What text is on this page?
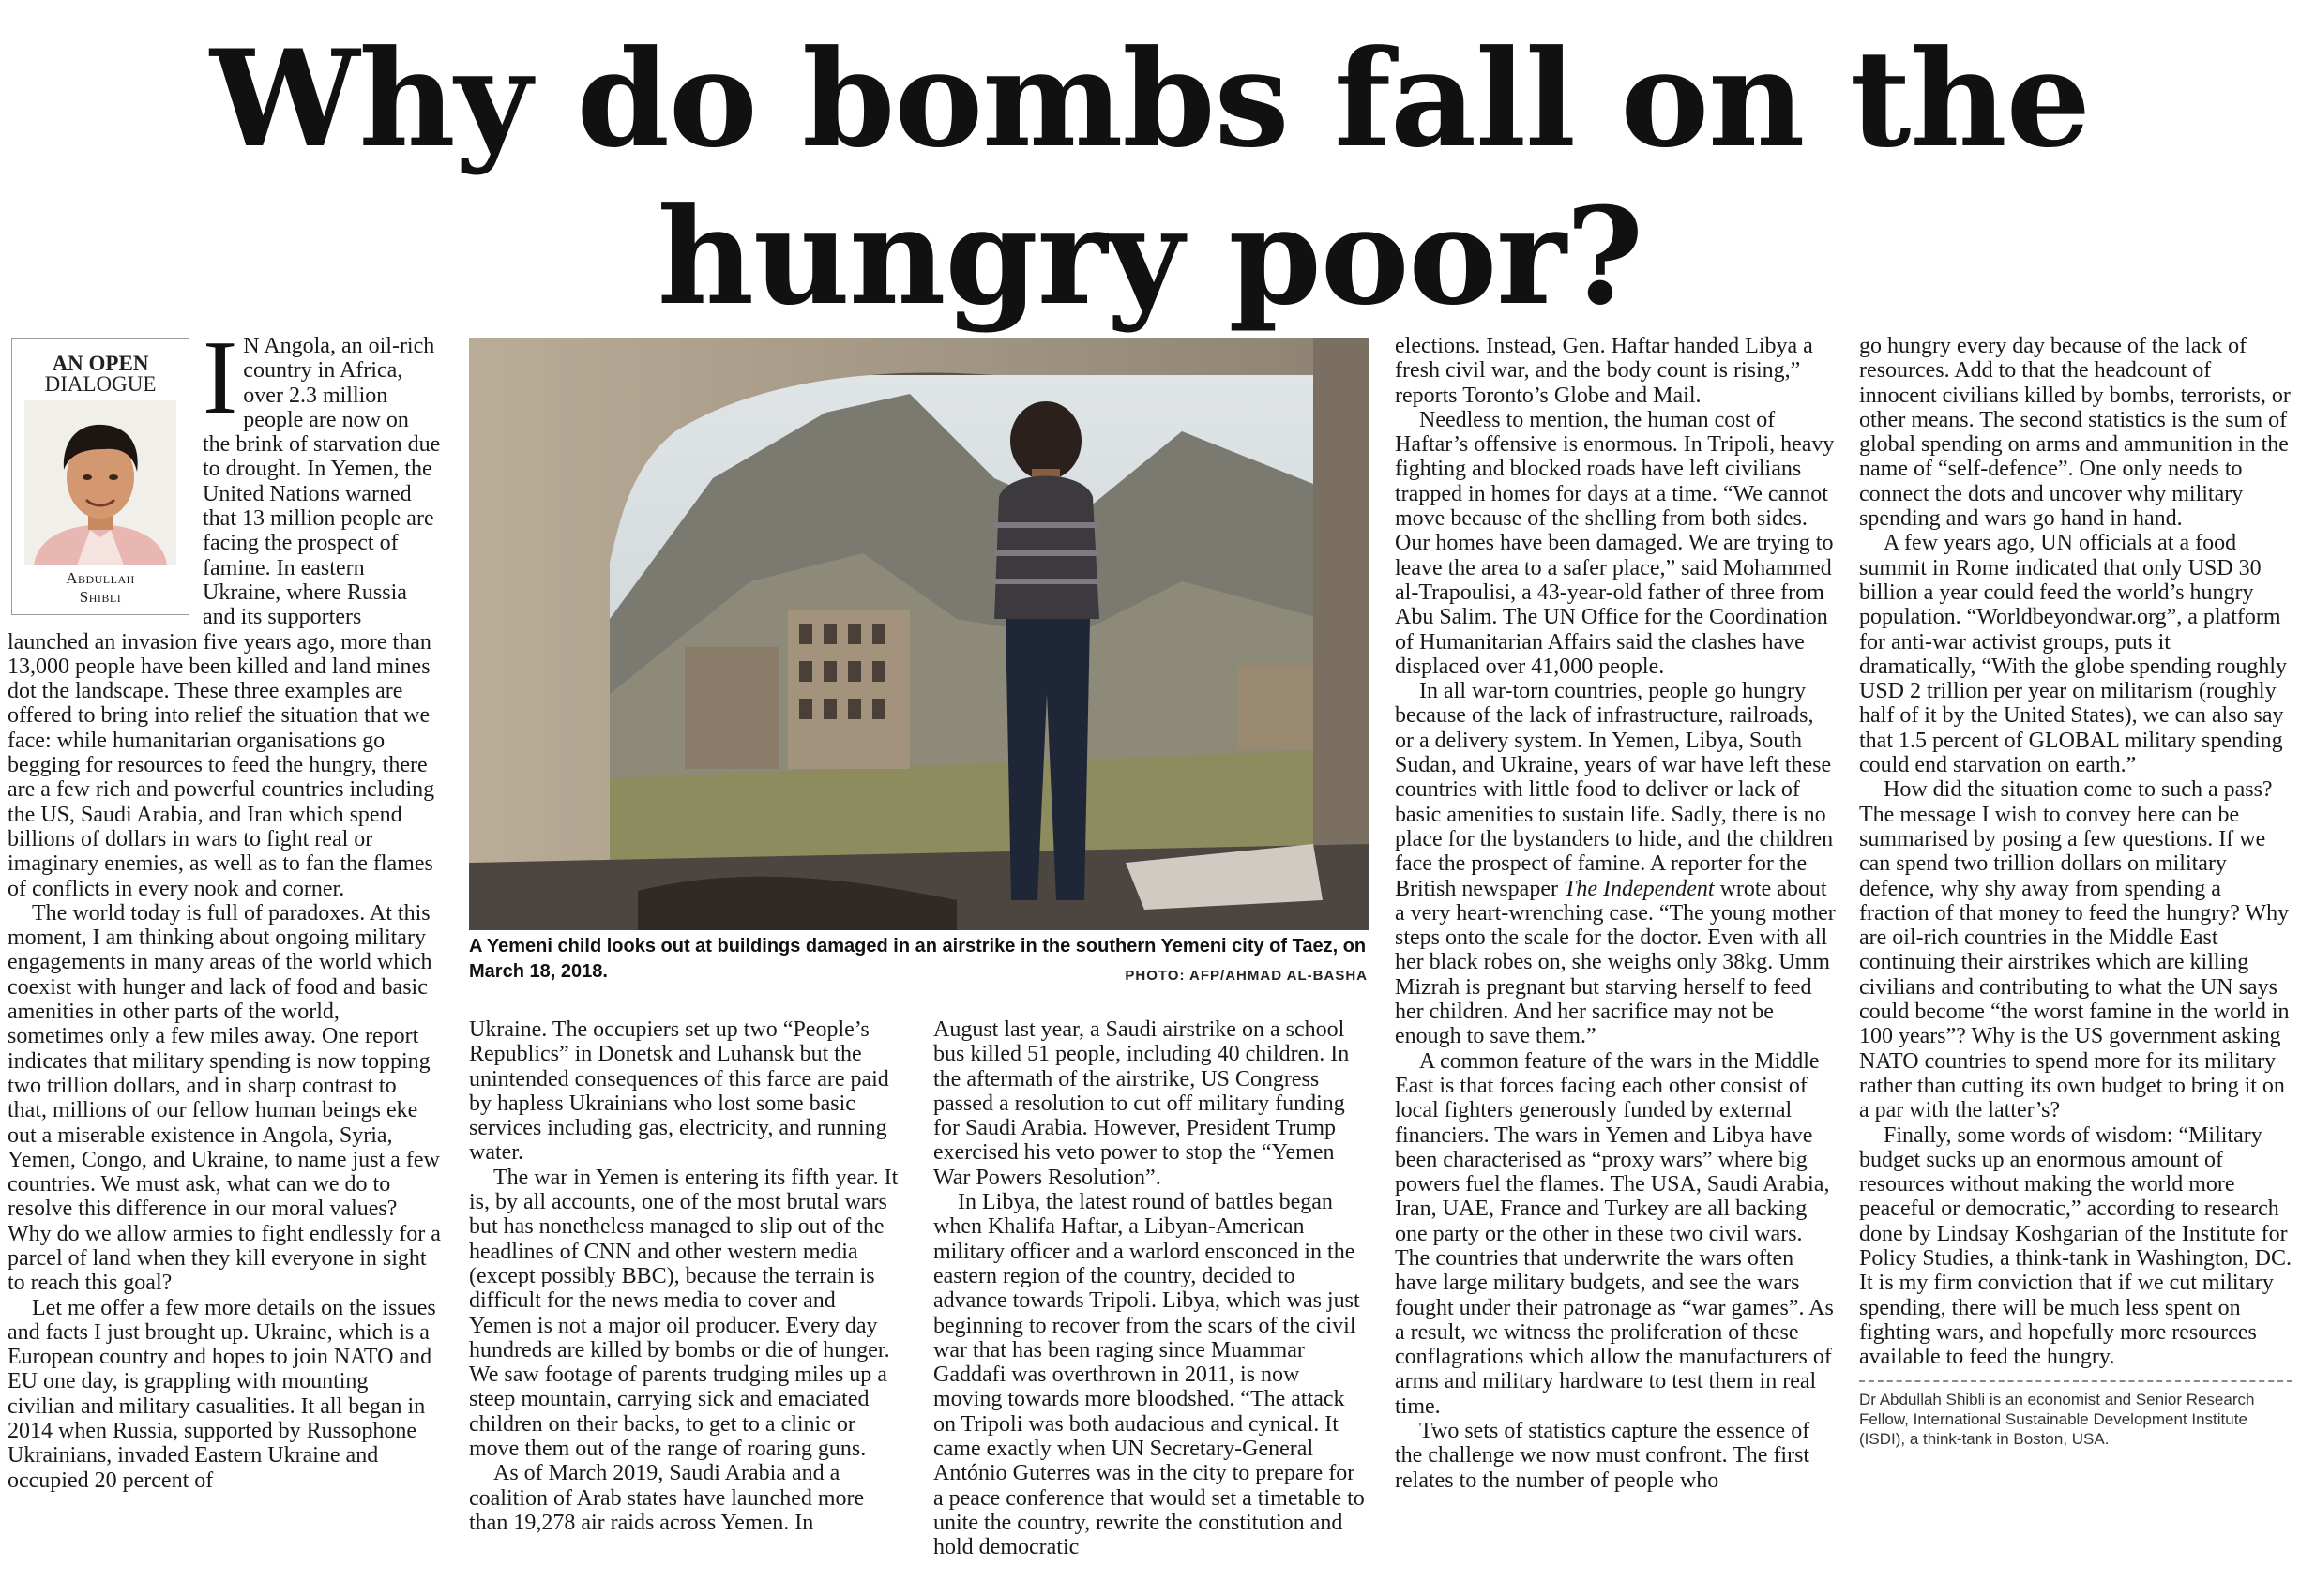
Why do bombs fall on the hungry poor?
AN OPEN
DIALOGUE
Abdullah
Shibli
I N Angola, an oil-rich country in Africa, over 2.3 million people are now on the brink of starvation due to drought. In Yemen, the United Nations warned that 13 million people are facing the prospect of famine. In eastern Ukraine, where Russia and its supporters launched an invasion five years ago, more than 13,000 people have been killed and land mines dot the landscape. These three examples are offered to bring into relief the situation that we face: while humanitarian organisations go begging for resources to feed the hungry, there are a few rich and powerful countries including the US, Saudi Arabia, and Iran which spend billions of dollars in wars to fight real or imaginary enemies, as well as to fan the flames of conflicts in every nook and corner.

The world today is full of paradoxes. At this moment, I am thinking about ongoing military engagements in many areas of the world which coexist with hunger and lack of food and basic amenities in other parts of the world, sometimes only a few miles away. One report indicates that military spending is now topping two trillion dollars, and in sharp contrast to that, millions of our fellow human beings eke out a miserable existence in Angola, Syria, Yemen, Congo, and Ukraine, to name just a few countries. We must ask, what can we do to resolve this difference in our moral values? Why do we allow armies to fight endlessly for a parcel of land when they kill everyone in sight to reach this goal?

Let me offer a few more details on the issues and facts I just brought up. Ukraine, which is a European country and hopes to join NATO and EU one day, is grappling with mounting civilian and military casualities. It all began in 2014 when Russia, supported by Russophone Ukrainians, invaded Eastern Ukraine and occupied 20 percent of

A Yemeni child looks out at buildings damaged in an airstrike in the southern Yemeni city of Taez, on March 18, 2018.	PHOTO: AFP/AHMAD AL-BASHA

Ukraine. The occupiers set up two “People’s Republics” in Donetsk and Luhansk but the unintended consequences of this farce are paid by hapless Ukrainians who lost some basic services including gas, electricity, and running water.

The war in Yemen is entering its fifth year. It is, by all accounts, one of the most brutal wars but has nonetheless managed to slip out of the headlines of CNN and other western media (except possibly BBC), because the terrain is difficult for the news media to cover and Yemen is not a major oil producer. Every day hundreds are killed by bombs or die of hunger. We saw footage of parents trudging miles up a steep mountain, carrying sick and emaciated children on their backs, to get to a clinic or move them out of the range of roaring guns.

As of March 2019, Saudi Arabia and a coalition of Arab states have launched more than 19,278 air raids across Yemen. In

August last year, a Saudi airstrike on a school bus killed 51 people, including 40 children. In the aftermath of the airstrike, US Congress passed a resolution to cut off military funding for Saudi Arabia. However, President Trump exercised his veto power to stop the “Yemen War Powers Resolution”.

In Libya, the latest round of battles began when Khalifa Haftar, a Libyan-American military officer and a warlord ensconced in the eastern region of the country, decided to advance towards Tripoli. Libya, which was just beginning to recover from the scars of the civil war that has been raging since Muammar Gaddafi was overthrown in 2011, is now moving towards more bloodshed. “The attack on Tripoli was both audacious and cynical. It came exactly when UN Secretary-General António Guterres was in the city to prepare for a peace conference that would set a timetable to unite the country, rewrite the constitution and hold democratic

elections. Instead, Gen. Haftar handed Libya a fresh civil war, and the body count is rising,” reports Toronto’s Globe and Mail.

Needless to mention, the human cost of Haftar’s offensive is enormous. In Tripoli, heavy fighting and blocked roads have left civilians trapped in homes for days at a time. “We cannot move because of the shelling from both sides. Our homes have been damaged. We are trying to leave the area to a safer place,” said Mohammed al-Trapoulisi, a 43-year-old father of three from Abu Salim. The UN Office for the Coordination of Humanitarian Affairs said the clashes have displaced over 41,000 people.

In all war-torn countries, people go hungry because of the lack of infrastructure, railroads, or a delivery system. In Yemen, Libya, South Sudan, and Ukraine, years of war have left these countries with little food to deliver or lack of basic amenities to sustain life. Sadly, there is no place for the bystanders to hide, and the children face the prospect of famine. A reporter for the British newspaper The Independent wrote about a very heart-wrenching case. “The young mother steps onto the scale for the doctor. Even with all her black robes on, she weighs only 38kg. Umm Mizrah is pregnant but starving herself to feed her children. And her sacrifice may not be enough to save them.”

A common feature of the wars in the Middle East is that forces facing each other consist of local fighters generously funded by external financiers. The wars in Yemen and Libya have been characterised as “proxy wars” where big powers fuel the flames. The USA, Saudi Arabia, Iran, UAE, France and Turkey are all backing one party or the other in these two civil wars. The countries that underwrite the wars often have large military budgets, and see the wars fought under their patronage as “war games”. As a result, we witness the proliferation of these conflagrations which allow the manufacturers of arms and military hardware to test them in real time.

Two sets of statistics capture the essence of the challenge we now must confront. The first relates to the number of people who

go hungry every day because of the lack of resources. Add to that the headcount of innocent civilians killed by bombs, terrorists, or other means. The second statistics is the sum of global spending on arms and ammunition in the name of “self-defence”. One only needs to connect the dots and uncover why military spending and wars go hand in hand.

A few years ago, UN officials at a food summit in Rome indicated that only USD 30 billion a year could feed the world’s hungry population. “Worldbeyondwar.org”, a platform for anti-war activist groups, puts it dramatically, “With the globe spending roughly USD 2 trillion per year on militarism (roughly half of it by the United States), we can also say that 1.5 percent of GLOBAL military spending could end starvation on earth.”

How did the situation come to such a pass? The message I wish to convey here can be summarised by posing a few questions. If we can spend two trillion dollars on military defence, why shy away from spending a fraction of that money to feed the hungry? Why are oil-rich countries in the Middle East continuing their airstrikes which are killing civilians and contributing to what the UN says could become “the worst famine in the world in 100 years”? Why is the US government asking NATO countries to spend more for its military rather than cutting its own budget to bring it on a par with the latter’s?

Finally, some words of wisdom: “Military budget sucks up an enormous amount of resources without making the world more peaceful or democratic,” according to research done by Lindsay Koshgarian of the Institute for Policy Studies, a think-tank in Washington, DC. It is my firm conviction that if we cut military spending, there will be much less spent on fighting wars, and hopefully more resources available to feed the hungry.

Dr Abdullah Shibli is an economist and Senior Research Fellow, International Sustainable Development Institute (ISDI), a think-tank in Boston, USA.
